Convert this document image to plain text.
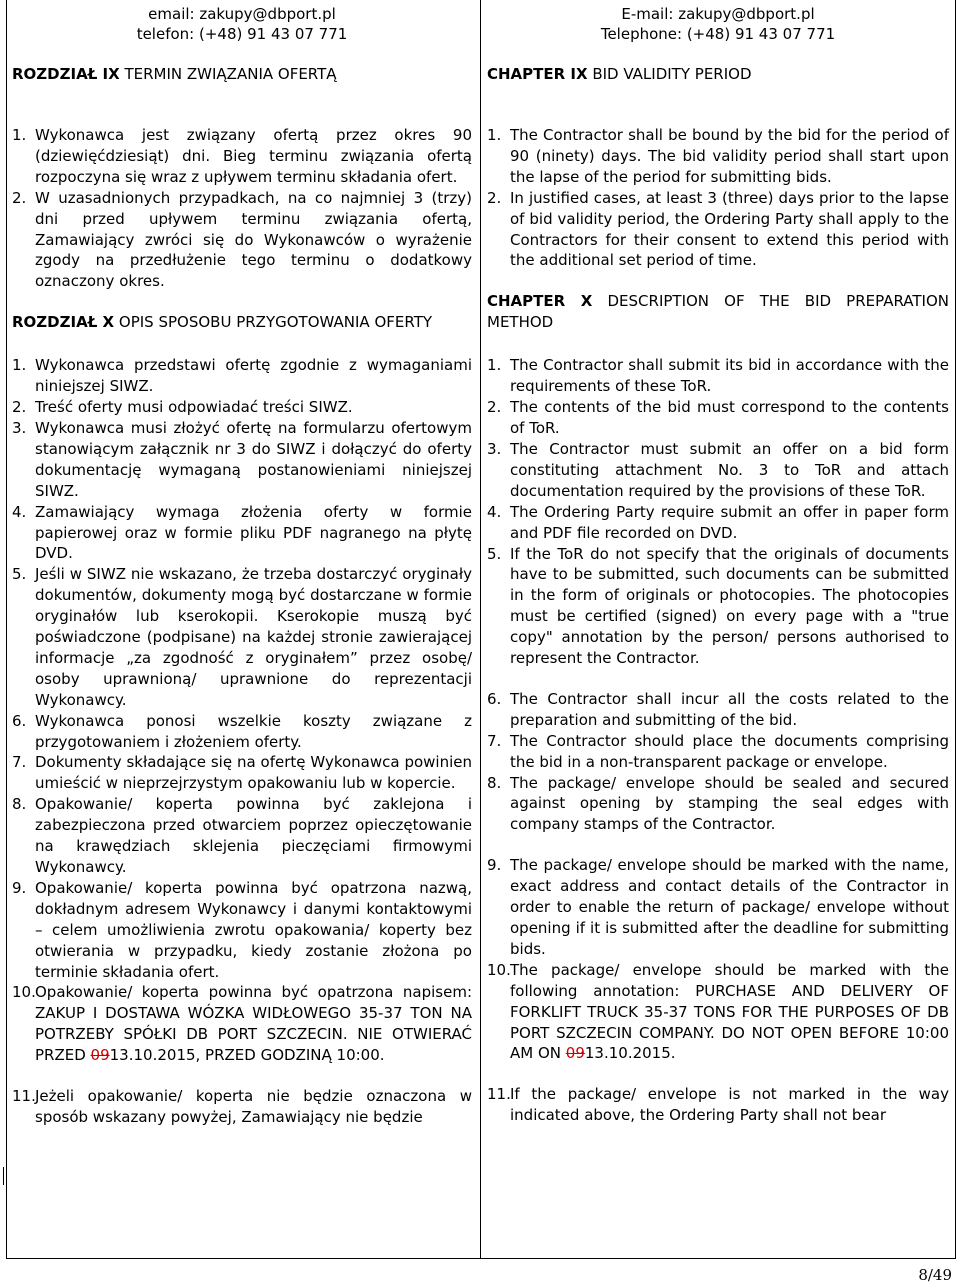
email: zakupy@dbport.pl
telefon: (+48) 91 43 07 771
ROZDZIAŁ IX TERMIN ZWIĄZANIA OFERTĄ
1. Wykonawca jest związany ofertą przez okres 90 (dziewięćdziesiąt) dni. Bieg terminu związania ofertą rozpoczyna się wraz z upływem terminu składania ofert.
2. W uzasadnionych przypadkach, na co najmniej 3 (trzy) dni przed upływem terminu związania ofertą, Zamawiający zwróci się do Wykonawców o wyrażenie zgody na przedłużenie tego terminu o dodatkowy oznaczony okres.
ROZDZIAŁ X OPIS SPOSOBU PRZYGOTOWANIA OFERTY
1. Wykonawca przedstawi ofertę zgodnie z wymaganiami niniejszej SIWZ.
2. Treść oferty musi odpowiadać treści SIWZ.
3. Wykonawca musi złożyć ofertę na formularzu ofertowym stanowiącym załącznik nr 3 do SIWZ i dołączyć do oferty dokumentację wymaganą postanowieniami niniejszej SIWZ.
4. Zamawiający wymaga złożenia oferty w formie papierowej oraz w formie pliku PDF nagranego na płytę DVD.
5. Jeśli w SIWZ nie wskazano, że trzeba dostarczyć oryginały dokumentów, dokumenty mogą być dostarczane w formie oryginałów lub kserokopii. Kserokopie muszą być poświadczone (podpisane) na każdej stronie zawierającej informacje „za zgodność z oryginałem” przez osobę/ osoby uprawnioną/ uprawnione do reprezentacji Wykonawcy.
6. Wykonawca ponosi wszelkie koszty związane z przygotowaniem i złożeniem oferty.
7. Dokumenty składające się na ofertę Wykonawca powinien umieścić w nieprzejrzystym opakowaniu lub w kopercie.
8. Opakowanie/ koperta powinna być zaklejona i zabezpieczona przed otwarciem poprzez opieczętowanie na krawędziach sklejenia pieczęciami firmowymi Wykonawcy.
9. Opakowanie/ koperta powinna być opatrzona nazwą, dokładnym adresem Wykonawcy i danymi kontaktowymi – celem umożliwienia zwrotu opakowania/ koperty bez otwierania w przypadku, kiedy zostanie złożona po terminie składania ofert.
10. Opakowanie/ koperta powinna być opatrzona napisem: ZAKUP I DOSTAWA WÓZKA WIDŁOWEGO 35-37 TON NA POTRZEBY SPÓŁKI DB PORT SZCZECIN. NIE OTWIERAĆ PRZED 0913.10.2015, PRZED GODZINĄ 10:00.
11. Jeżeli opakowanie/ koperta nie będzie oznaczona w sposób wskazany powyżej, Zamawiający nie będzie
E-mail: zakupy@dbport.pl
Telephone: (+48) 91 43 07 771
CHAPTER IX BID VALIDITY PERIOD
1. The Contractor shall be bound by the bid for the period of 90 (ninety) days. The bid validity period shall start upon the lapse of the period for submitting bids.
2. In justified cases, at least 3 (three) days prior to the lapse of bid validity period, the Ordering Party shall apply to the Contractors for their consent to extend this period with the additional set period of time.
CHAPTER X DESCRIPTION OF THE BID PREPARATION METHOD
1. The Contractor shall submit its bid in accordance with the requirements of these ToR.
2. The contents of the bid must correspond to the contents of ToR.
3. The Contractor must submit an offer on a bid form constituting attachment No. 3 to ToR and attach documentation required by the provisions of these ToR.
4. The Ordering Party require submit an offer in paper form and PDF file recorded on DVD.
5. If the ToR do not specify that the originals of documents have to be submitted, such documents can be submitted in the form of originals or photocopies. The photocopies must be certified (signed) on every page with a "true copy" annotation by the person/ persons authorised to represent the Contractor.
6. The Contractor shall incur all the costs related to the preparation and submitting of the bid.
7. The Contractor should place the documents comprising the bid in a non-transparent package or envelope.
8. The package/ envelope should be sealed and secured against opening by stamping the seal edges with company stamps of the Contractor.
9. The package/ envelope should be marked with the name, exact address and contact details of the Contractor in order to enable the return of package/ envelope without opening if it is submitted after the deadline for submitting bids.
10. The package/ envelope should be marked with the following annotation: PURCHASE AND DELIVERY OF FORKLIFT TRUCK 35-37 TONS FOR THE PURPOSES OF DB PORT SZCZECIN COMPANY. DO NOT OPEN BEFORE 10:00 AM ON 0913.10.2015.
11. If the package/ envelope is not marked in the way indicated above, the Ordering Party shall not bear
8/49
